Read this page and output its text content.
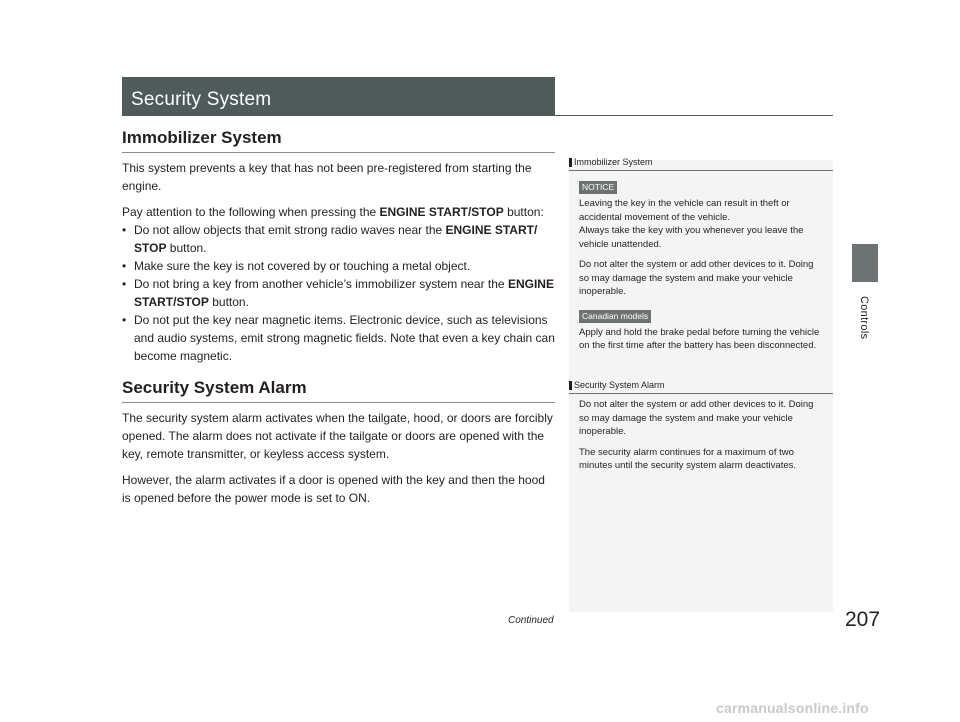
Security System
Controls
Immobilizer System

This system prevents a key that has not been pre-registered from starting the engine.

Pay attention to the following when pressing the ENGINE START/STOP button:

• Do not allow objects that emit strong radio waves near the ENGINE START/ STOP button.
• Make sure the key is not covered by or touching a metal object.
• Do not bring a key from another vehicle’s immobilizer system near the ENGINE START/STOP button.
• Do not put the key near magnetic items. Electronic device, such as televisions and audio systems, emit strong magnetic fields. Note that even a key chain can become magnetic.
Security System Alarm

The security system alarm activates when the tailgate, hood, or doors are forcibly opened. The alarm does not activate if the tailgate or doors are opened with the key, remote transmitter, or keyless access system.

However, the alarm activates if a door is opened with the key and then the hood is opened before the power mode is set to ON.

Immobilizer System
NOTICE

Leaving the key in the vehicle can result in theft or accidental movement of the vehicle.

Always take the key with you whenever you leave the vehicle unattended.

Do not alter the system or add other devices to it. Doing so may damage the system and make your vehicle inoperable.

Canadian models

Apply and hold the brake pedal before turning the vehicle on the first time after the battery has been disconnected.

Security System Alarm

Do not alter the system or add other devices to it. Doing so may damage the system and make your vehicle inoperable.

The security alarm continues for a maximum of two minutes until the security system alarm deactivates.

Continued	207
carmanualsonline.info
